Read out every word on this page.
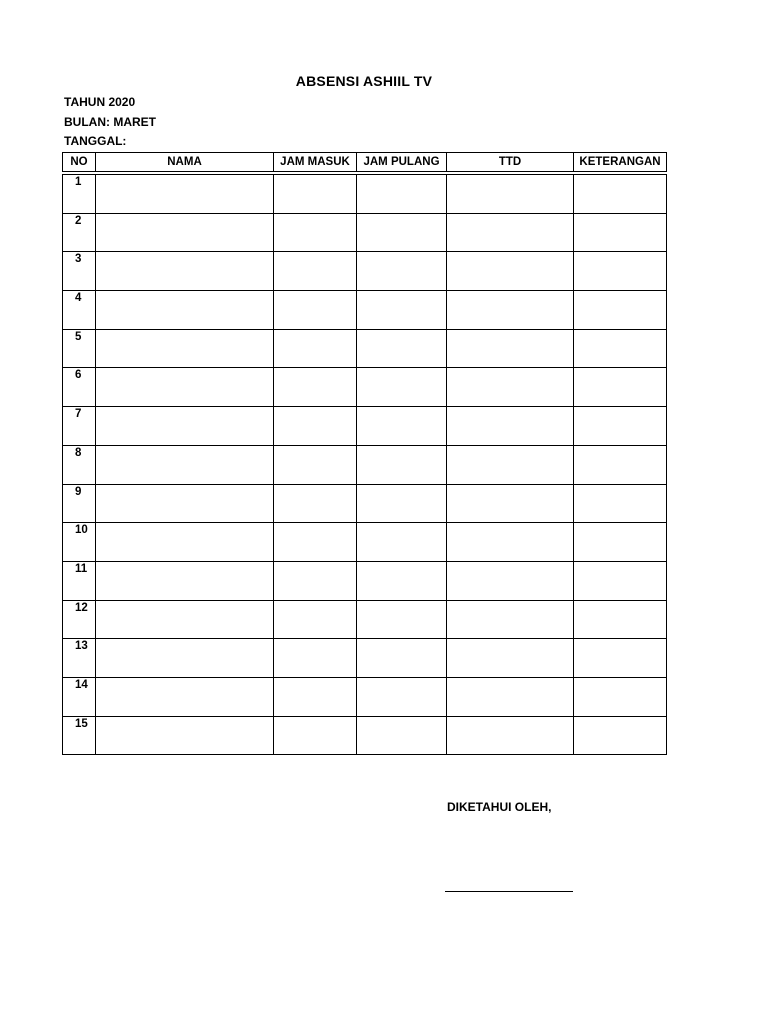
ABSENSI ASHIIL TV
TAHUN 2020
BULAN: MARET
TANGGAL:
NO	NAMA	JAM MASUK	JAM PULANG	TTD	KETERANGAN

1					
2					
3					
4					
5					
6					
7					
8					
9					
10					
11					
12					
13					
14					
15					
DIKETAHUI OLEH,
